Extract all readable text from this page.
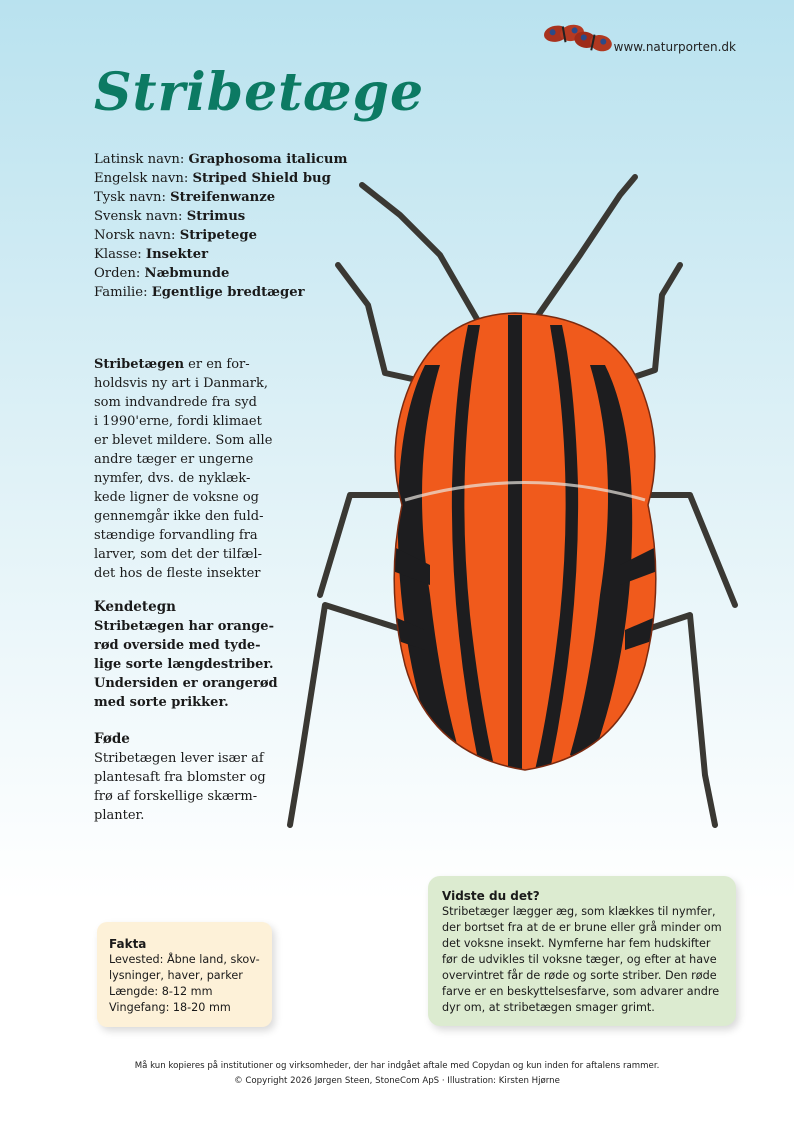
www.naturporten.dk
Stribetæge
Latinsk navn: Graphosoma italicum
Engelsk navn: Striped Shield bug
Tysk navn: Streifenwanze
Svensk navn: Strimus
Norsk navn: Stripetege
Klasse: Insekter
Orden: Næbmunde
Familie: Egentlige bredtæger
Stribetægen er en for-
holdsvis ny art i Danmark,
som indvandrede fra syd
i 1990'erne, fordi klimaet
er blevet mildere. Som alle
andre tæger er ungerne
nymfer, dvs. de nyklæk-
kede ligner de voksne og
gennemgår ikke den fuld-
stændige forvandling fra
larver, som det der tilfæl-
det hos de fleste insekter
Kendetegn
Stribetægen har orange-
rød overside med tyde-
lige sorte længdestriber.
Undersiden er orangerød
med sorte prikker.
Føde
Stribetægen lever især af
plantesaft fra blomster og
frø af forskellige skærm-
planter.
Fakta
Levested: Åbne land, skov-
lysninger, haver, parker
Længde: 8-12 mm
Vingefang: 18-20 mm
Vidste du det?
Stribetæger lægger æg, som klækkes til nymfer,
der bortset fra at de er brune eller grå minder om
det voksne insekt. Nymferne har fem hudskifter
før de udvikles til voksne tæger, og efter at have
overvintret får de røde og sorte striber. Den røde
farve er en beskyttelsesfarve, som advarer andre
dyr om, at stribetægen smager grimt.
Må kun kopieres på institutioner og virksomheder, der har indgået aftale med Copydan og kun inden for aftalens rammer.
© Copyright 2026 Jørgen Steen, StoneCom ApS · Illustration: Kirsten Hjørne
